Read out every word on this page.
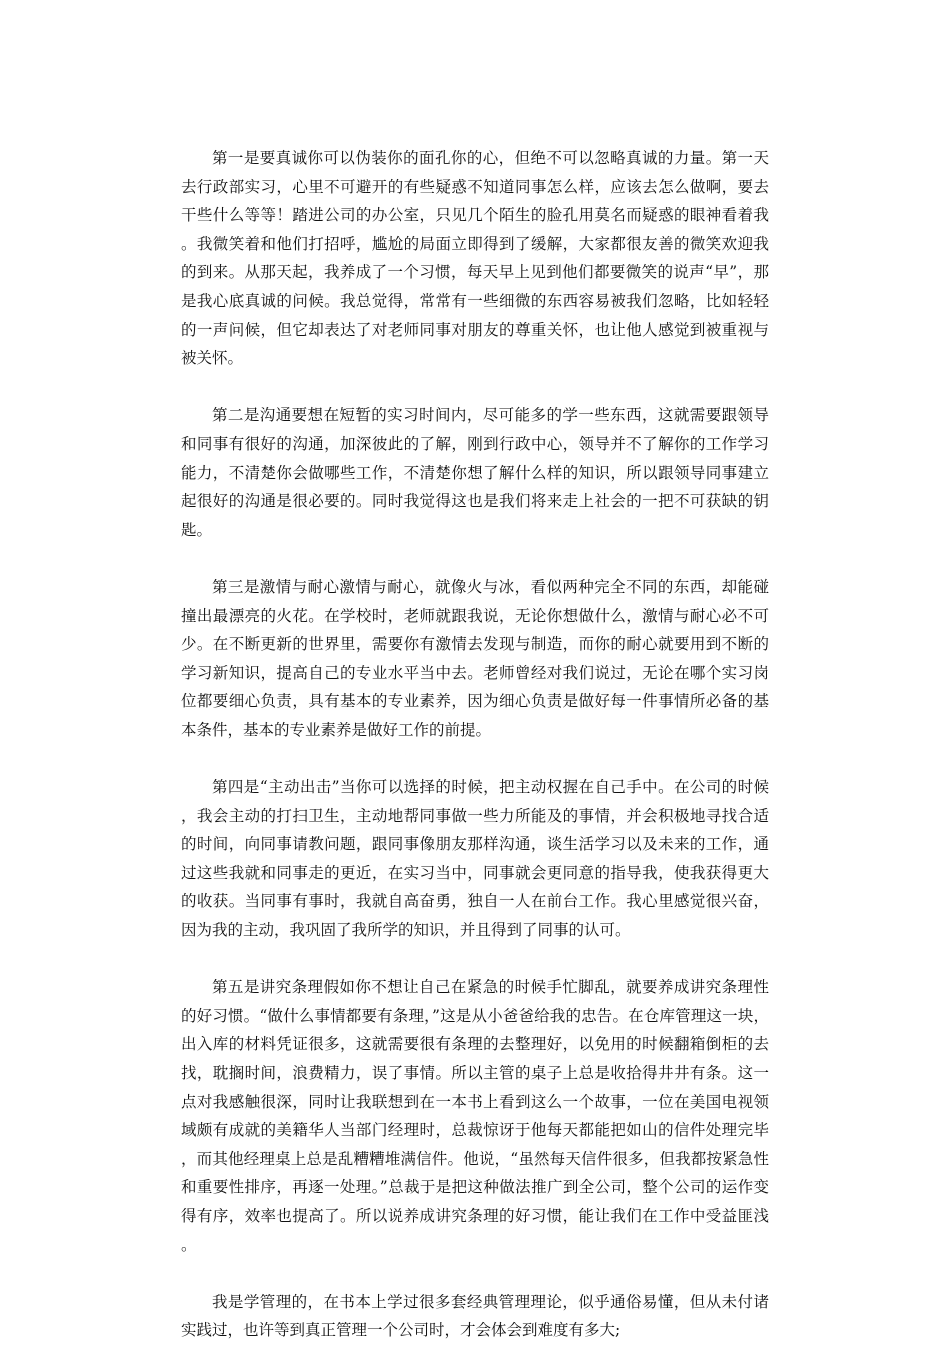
第一是要真诚你可以伪装你的面孔你的心，但绝不可以忽略真诚的力量。第一天去行政部实习，心里不可避开的有些疑惑不知道同事怎么样，应该去怎么做啊，要去干些什么等等！踏进公司的办公室，只见几个陌生的脸孔用莫名而疑惑的眼神看着我。我微笑着和他们打招呼，尴尬的局面立即得到了缓解，大家都很友善的微笑欢迎我的到来。从那天起，我养成了一个习惯，每天早上见到他们都要微笑的说声“早”，那是我心底真诚的问候。我总觉得，常常有一些细微的东西容易被我们忽略，比如轻轻的一声问候，但它却表达了对老师同事对朋友的尊重关怀，也让他人感觉到被重视与被关怀。

第二是沟通要想在短暂的实习时间内，尽可能多的学一些东西，这就需要跟领导和同事有很好的沟通，加深彼此的了解，刚到行政中心，领导并不了解你的工作学习能力，不清楚你会做哪些工作，不清楚你想了解什么样的知识，所以跟领导同事建立起很好的沟通是很必要的。同时我觉得这也是我们将来走上社会的一把不可获缺的钥匙。

第三是激情与耐心激情与耐心，就像火与冰，看似两种完全不同的东西，却能碰撞出最漂亮的火花。在学校时，老师就跟我说，无论你想做什么，激情与耐心必不可少。在不断更新的世界里，需要你有激情去发现与制造，而你的耐心就要用到不断的学习新知识，提高自己的专业水平当中去。老师曾经对我们说过，无论在哪个实习岗位都要细心负责，具有基本的专业素养，因为细心负责是做好每一件事情所必备的基本条件，基本的专业素养是做好工作的前提。

第四是“主动出击”当你可以选择的时候，把主动权握在自己手中。在公司的时候，我会主动的打扫卫生，主动地帮同事做一些力所能及的事情，并会积极地寻找合适的时间，向同事请教问题，跟同事像朋友那样沟通，谈生活学习以及未来的工作，通过这些我就和同事走的更近，在实习当中，同事就会更同意的指导我，使我获得更大的收获。当同事有事时，我就自高奋勇，独自一人在前台工作。我心里感觉很兴奋，因为我的主动，我巩固了我所学的知识，并且得到了同事的认可。

第五是讲究条理假如你不想让自己在紧急的时候手忙脚乱，就要养成讲究条理性的好习惯。“做什么事情都要有条理，”这是从小爸爸给我的忠告。在仓库管理这一块，出入库的材料凭证很多，这就需要很有条理的去整理好，以免用的时候翻箱倒柜的去找，耽搁时间，浪费精力，误了事情。所以主管的桌子上总是收拾得井井有条。这一点对我感触很深，同时让我联想到在一本书上看到这么一个故事，一位在美国电视领域颇有成就的美籍华人当部门经理时，总裁惊讶于他每天都能把如山的信件处理完毕，而其他经理桌上总是乱糟糟堆满信件。他说，“虽然每天信件很多，但我都按紧急性和重要性排序，再逐一处理。”总裁于是把这种做法推广到全公司，整个公司的运作变得有序，效率也提高了。所以说养成讲究条理的好习惯，能让我们在工作中受益匪浅。

我是学管理的，在书本上学过很多套经典管理理论，似乎通俗易懂，但从未付诸实践过，也许等到真正管理一个公司时，才会体会到难度有多大;
